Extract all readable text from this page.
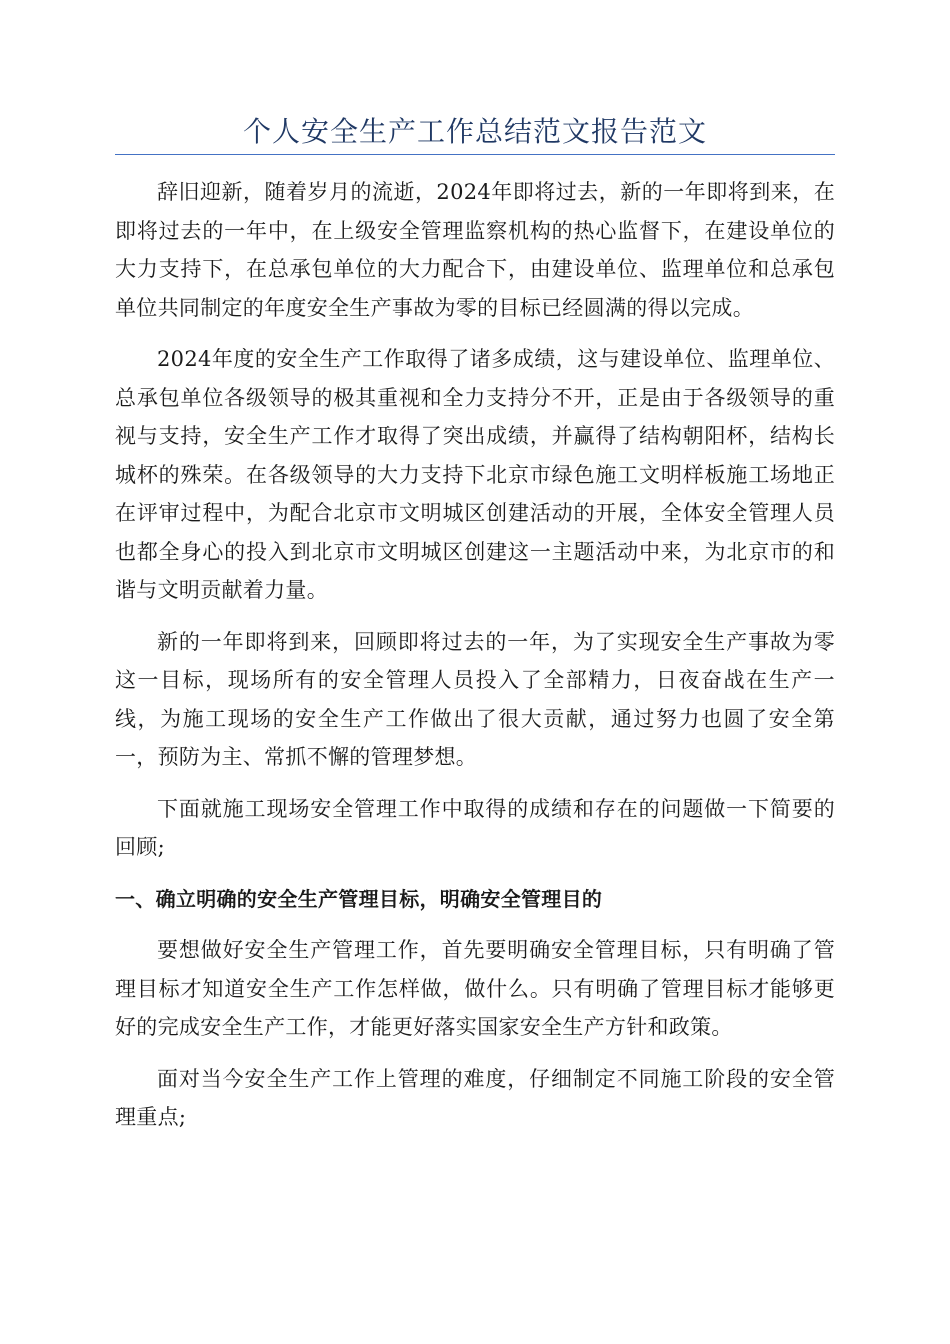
个人安全生产工作总结范文报告范文

辞旧迎新，随着岁月的流逝，2024年即将过去，新的一年即将到来，在即将过去的一年中，在上级安全管理监察机构的热心监督下，在建设单位的大力支持下，在总承包单位的大力配合下，由建设单位、监理单位和总承包单位共同制定的年度安全生产事故为零的目标已经圆满的得以完成。

2024年度的安全生产工作取得了诸多成绩，这与建设单位、监理单位、总承包单位各级领导的极其重视和全力支持分不开，正是由于各级领导的重视与支持，安全生产工作才取得了突出成绩，并赢得了结构朝阳杯，结构长城杯的殊荣。在各级领导的大力支持下北京市绿色施工文明样板施工场地正在评审过程中，为配合北京市文明城区创建活动的开展，全体安全管理人员也都全身心的投入到北京市文明城区创建这一主题活动中来，为北京市的和谐与文明贡献着力量。

新的一年即将到来，回顾即将过去的一年，为了实现安全生产事故为零这一目标，现场所有的安全管理人员投入了全部精力，日夜奋战在生产一线，为施工现场的安全生产工作做出了很大贡献，通过努力也圆了安全第一，预防为主、常抓不懈的管理梦想。

下面就施工现场安全管理工作中取得的成绩和存在的问题做一下简要的回顾;

一、确立明确的安全生产管理目标，明确安全管理目的

要想做好安全生产管理工作，首先要明确安全管理目标，只有明确了管理目标才知道安全生产工作怎样做，做什么。只有明确了管理目标才能够更好的完成安全生产工作，才能更好落实国家安全生产方针和政策。

面对当今安全生产工作上管理的难度，仔细制定不同施工阶段的安全管理重点;
